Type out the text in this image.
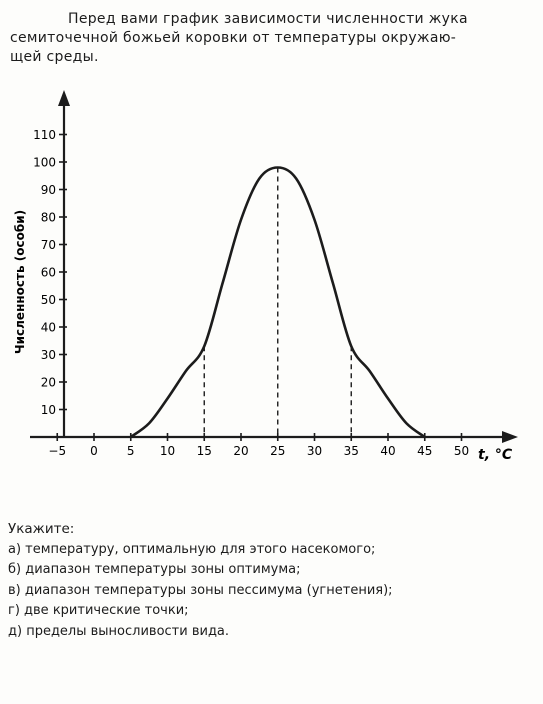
Перед вами график зависимости численности жука
семиточечной божьей коровки от температуры окружаю-
щей среды.
10
20
30
40
50
60
70
80
90
100
110
−5 0 5 10 15 20 25 30 35 40 45 50 t, °C
Численность (особи)
Укажите:
а) температуру, оптимальную для этого насекомого;
б) диапазон температуры зоны оптимума;
в) диапазон температуры зоны пессимума (угнетения);
г) две критические точки;
д) пределы выносливости вида.
